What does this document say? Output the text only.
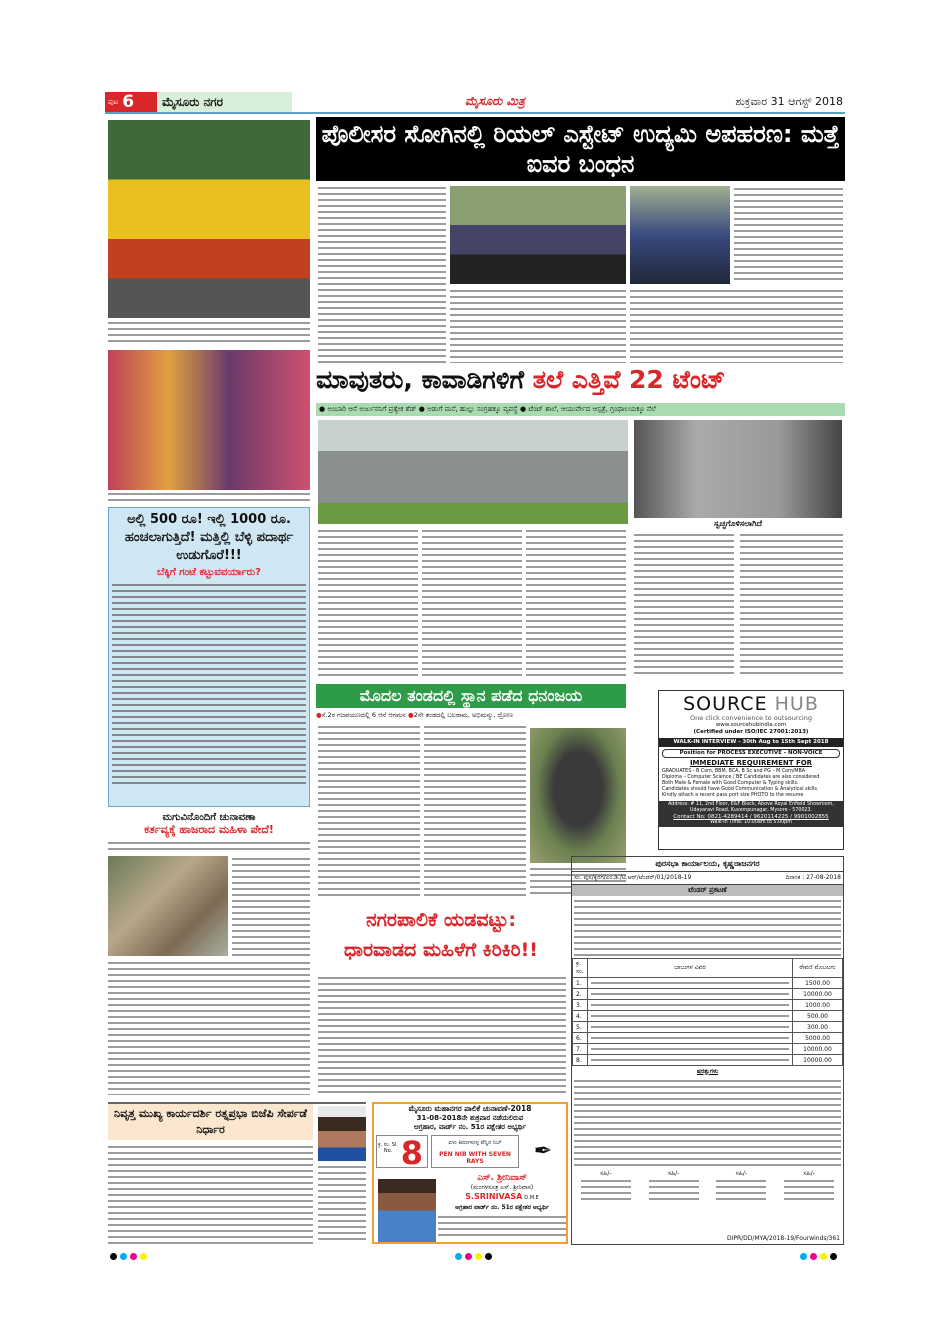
ಪುಟ 6	ಮೈಸೂರು ನಗರ	ಮೈಸೂರು ಮಿತ್ರ	ಶುಕ್ರವಾರ 31 ಆಗಸ್ಟ್ 2018
ಅಲ್ಲಿ 500 ರೂ! ಇಲ್ಲಿ 1000 ರೂ. ಹಂಚಲಾಗುತ್ತಿದೆ! ಮತ್ತಿಲ್ಲಿ ಬೆಳ್ಳಿ ಪದಾರ್ಥ ಉಡುಗೊರೆ!!!
ಬೆಕ್ಕಿಗೆ ಗಂಟೆ ಕಟ್ಟುವವರ್ಯಾರು?
ಮಗುವಿನೊಂದಿಗೆ ಚುನಾವಣಾ
ಕರ್ತವ್ಯಕ್ಕೆ ಹಾಜರಾದ ಮಹಿಳಾ ಪೇದೆ!
ನಿವೃತ್ತ ಮುಖ್ಯ ಕಾರ್ಯದರ್ಶಿ ರತ್ನಪ್ರಭಾ ಬಿಜೆಪಿ ಸೇರ್ಪಡೆ ನಿರ್ಧಾರ
ಪೊಲೀಸರ ಸೋಗಿನಲ್ಲಿ ರಿಯಲ್ ಎಸ್ಟೇಟ್ ಉದ್ಯಮಿ ಅಪಹರಣ: ಮತ್ತೆ ಐವರ ಬಂಧನ
ಮಾವುತರು, ಕಾವಾಡಿಗಳಿಗೆ ತಲೆ ಎತ್ತಿವೆ 22 ಟೆಂಟ್
● ಅಂಬಾರಿ ಆನೆ ಅರ್ಜುನನಿಗೆ ಪ್ರತ್ಯೇಕ ಶೆಡ್ ● ಅಡುಗೆ ಮನೆ, ಹುಲ್ಲು ಸಂಗ್ರಹಕ್ಕೂ ವ್ಯವಸ್ಥೆ ● ಟೆಂಟ್ ಶಾಲೆ, ಆಯುರ್ವೇದ ಆಸ್ಪತ್ರೆ, ಗ್ರಂಥಾಲಯಕ್ಕೂ ನೆಲೆ
ಸ್ವಚ್ಛಗೊಳಿಸಲಾಗಿದೆ
ಮೊದಲ ತಂಡದಲ್ಲಿ ಸ್ಥಾನ ಪಡೆದ ಧನಂಜಯ
●ಸೆ.2ರ ಗಜಪಯಣದಲ್ಲಿ 6 ಆನೆ ಆಗಮನ ●2ನೇ ತಂಡದಲ್ಲಿ ಬಲರಾಮ, ಅಭಿಮನ್ಯು, ದ್ರೋಣ	SOURCE HUB
One click convenience to outsourcing
www.sourcehubindia.com
(Certified under ISO/IEC 27001:2013)
WALK-IN INTERVIEW - 30th Aug to 15th Sept 2018
Position for PROCESS EXECUTIVE - NON-VOICE
IMMEDIATE REQUIREMENT FOR
GRADUATES - B Com, BBM, BCA, B Sc and PG – M Com/MBA
Diploma – Computer Science / BE Candidates are also considered
Both Male & Female with Good Computer & Typing skills.
Candidates should have Good Communication & Analytical skills.
Kindly attach a recent pass port size PHOTO to the resume
Address: # 11, 2nd Floor, E&F Block, Above Royal Enfield Showroom, Udayaravi Road, Kuvempunagar, Mysore - 570023.
Contact No: 0821-4289414 / 9620114225 / 9901002855
Walk-in Time: 10:00am to 5:00pm
ನಗರಪಾಲಿಕೆ ಯಡವಟ್ಟು:
ಧಾರವಾಡದ ಮಹಿಳೆಗೆ ಕಿರಿಕಿರಿ!!
ಮೈಸೂರು ಮಹಾನಗರ ಪಾಲಿಕೆ ಚುನಾವಣೆ-2018
31-08-2018ನೇ ಶುಕ್ರವಾರ ನಡೆಯಲಿರುವ
ಅಗ್ರಹಾರ, ವಾರ್ಡ್ ನಂ. 51ರ ಪಕ್ಷೇತರ ಅಭ್ಯರ್ಥಿ
ಕ್ರ. ಸಂ. Sl. No. 8	ಏಳು ಕಿರಣಗಳುಳ್ಳ ಪೆನ್ನಿನ ನಿಬ್
PEN NIB WITH SEVEN RAYS	✒
ಎಸ್. ಶ್ರೀನಿವಾಸ್
(ಮಂಗಳಸೂತ್ರ ಎಸ್. ಶ್ರೀನಿವಾಸ)
S.SRINIVASA D.M.E
ಅಗ್ರಹಾರ ವಾರ್ಡ್ ನಂ. 51ರ ಪಕ್ಷೇತರ ಅಭ್ಯರ್ಥಿ
ಪುರಸಭಾ ಕಾರ್ಯಾಲಯ, ಕೃಷ್ಣರಾಜನಗರ
ಸಂ. ಪುಸ/ಕೃನಗ/ಎಂ.ಡಿ./ಟಿ.ಆರ್/ಟೆಂಡರ್/01/2018-19	ದಿನಾಂಕ : 27-08-2018
ಟೆಂಡರ್ ಪ್ರಕಟಣೆ
ಕ್ರ. ಸಂ.	ಬಾಬುಗಳ ವಿವರ	ಠೇವಣಿ ಮೊಬಲಗು
1.		1500.00
2.		10000.00
3.		1000.00
4.		500.00
5.		300.00
6.		5000.00
7.		10000.00
8.		10000.00
ಷರತ್ತುಗಳು
ಸಹಿ/-	ಸಹಿ/-	ಸಹಿ/-	ಸಹಿ/-
DIPR/DD/MYA/2018-19/Fourwinds/361
